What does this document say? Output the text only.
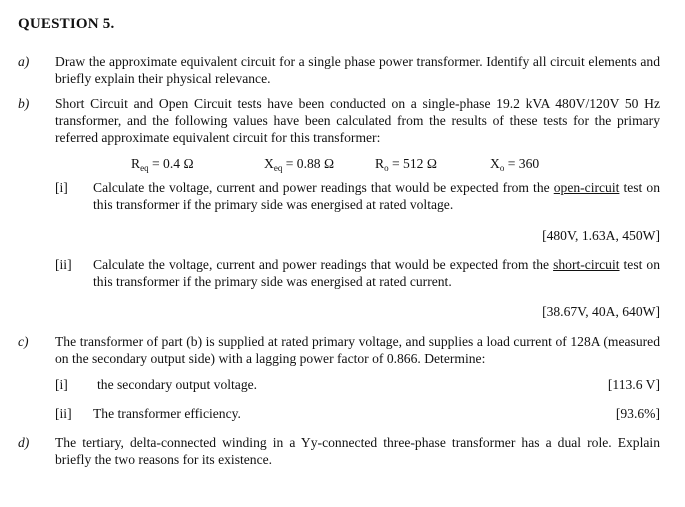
QUESTION 5.
a) Draw the approximate equivalent circuit for a single phase power transformer. Identify all circuit elements and briefly explain their physical relevance.
b) Short Circuit and Open Circuit tests have been conducted on a single-phase 19.2 kVA 480V/120V 50 Hz transformer, and the following values have been calculated from the results of these tests for the primary referred approximate equivalent circuit for this transformer:
$R_{eq} = 0.4$ Ω	$X_{eq} = 0.88$ Ω	$R_o = 512$ Ω	$X_o = 360$
[i] Calculate the voltage, current and power readings that would be expected from the open-circuit test on this transformer if the primary side was energised at rated voltage.
[480V, 1.63A, 450W]
[ii] Calculate the voltage, current and power readings that would be expected from the short-circuit test on this transformer if the primary side was energised at rated current.
[38.67V, 40A, 640W]
c) The transformer of part (b) is supplied at rated primary voltage, and supplies a load current of 128A (measured on the secondary output side) with a lagging power factor of 0.866. Determine:
[i] the secondary output voltage.	[113.6 V]
[ii] The transformer efficiency.	[93.6%]
d) The tertiary, delta-connected winding in a Yy-connected three-phase transformer has a dual role. Explain briefly the two reasons for its existence.
